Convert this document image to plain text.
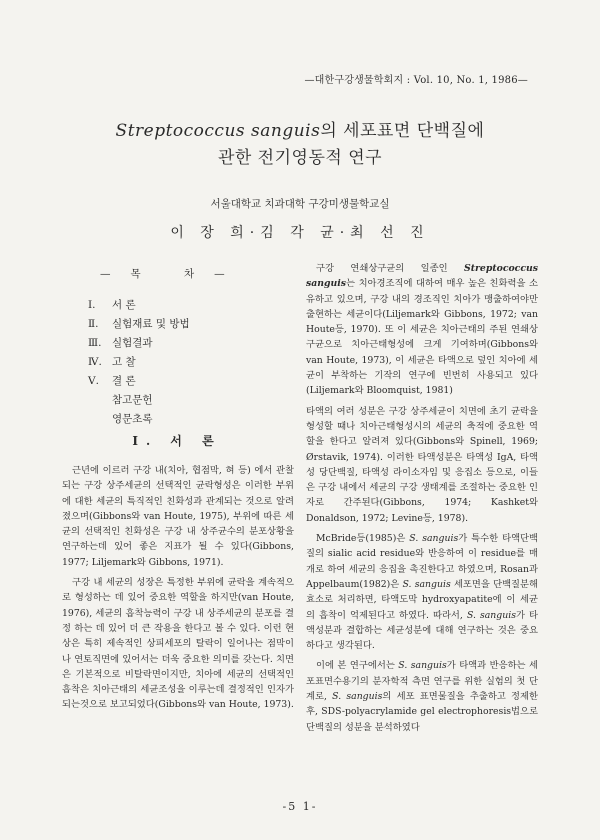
—대한구강생물학회지 : Vol. 10, No. 1, 1986—
Streptococcus sanguis의 세포표면 단백질에
관한 전기영동적 연구
서울대학교 치과대학 구강미생물학교실
이 장 희·김 각 균·최 선 진
—목 차—
Ⅰ. 서 론
Ⅱ. 실험재료 및 방법
Ⅲ. 실험결과
Ⅳ. 고 찰
Ⅴ. 결 론
참고문헌
영문초록
Ⅰ. 서 론

근년에 이르러 구강 내(치아, 협점막, 혀 등) 에서 관찰되는 구강 상주세균의 선택적인 균락형성은 이러한 부위에 대한 세균의 특직적인 친화성과 관계되는 것으로 알려졌으며(Gibbons와 van Houte, 1975), 부위에 따른 세균의 선택적인 친화성은 구강 내 상주균수의 분포상황을 연구하는데 있어 좋은 지표가 될 수 있다(Gibbons, 1977; Liljemark와 Gibbons, 1971).

구강 내 세균의 성장은 특정한 부위에 균락을 계속적으로 형성하는 데 있어 중요한 역할을 하지만(van Houte, 1976), 세균의 흡착능력이 구강 내 상주세균의 분포를 결정 하는 데 있어 더 큰 작용을 한다고 볼 수 있다. 이런 현상은 특히 제속적인 상피세포의 탈락이 일어나는 점막이나 연토직면에 있어서는 더욱 중요한 의미를 갖는다. 치면은 기본적으로 비탈락면이지만, 치아에 세균의 선택적인 흡착은 치아근태의 세균조성을 이루는데 결정적인 인자가 되는것으로 보고되었다(Gibbons와 van Houte, 1973).

구강 연쇄상구균의 일종인 Streptococcus sanguis는 치아경조직에 대하여 매우 높은 친화력을 소유하고 있으며, 구강 내의 경조직인 치아가 맹출하여야만 출현하는 세균이다(Liljemark와 Gibbons, 1972; van Houte등, 1970). 또 이 세균은 치아근태의 주된 연쇄상구균으로 치아근태형성에 크게 기여하며(Gibbons와 van Houte, 1973), 이 세균은 타액으로 덮인 치아에 세균이 부착하는 기작의 연구에 빈번히 사용되고 있다(Liljemark와 Bloomquist, 1981)

타액의 여러 성분은 구강 상주세균이 치면에 초기 균락을 형성할 때나 치아근태형성시의 세균의 축적에 중요한 역할을 한다고 알려져 있다(Gibbons와 Spinell, 1969; Ørstavik, 1974). 이러한 타액성분은 타액성 IgA, 타액성 당단백질, 타액성 라이소자임 및 응집소 등으로, 이들은 구강 내에서 세균의 구강 생태계를 조절하는 중요한 인자로 간주된다(Gibbons, 1974; Kashket와 Donaldson, 1972; Levine등, 1978).

McBride등(1985)은 S. sanguis가 특수한 타액단백질의 sialic acid residue와 반응하여 이 residue를 매개로 하여 세균의 응집을 촉진한다고 하였으며, Rosan과 Appelbaum(1982)은 S. sanguis 세포면을 단백질분해효소로 처리하면, 타액도막 hydroxyapatite에 이 세균의 흡착이 억제된다고 하였다. 따라서, S. sanguis가 타액성분과 결합하는 세균성분에 대해 연구하는 것은 중요하다고 생각된다.

이에 본 연구에서는 S. sanguis가 타액과 반응하는 세포표면수용기의 분자학적 측면 연구를 위한 실험의 첫 단계로, S. sanguis의 세포 표면물질을 추출하고 정제한 후, SDS-polyacrylamide gel electrophoresis법으로 단백질의 성분을 분석하였다

-5 1-
